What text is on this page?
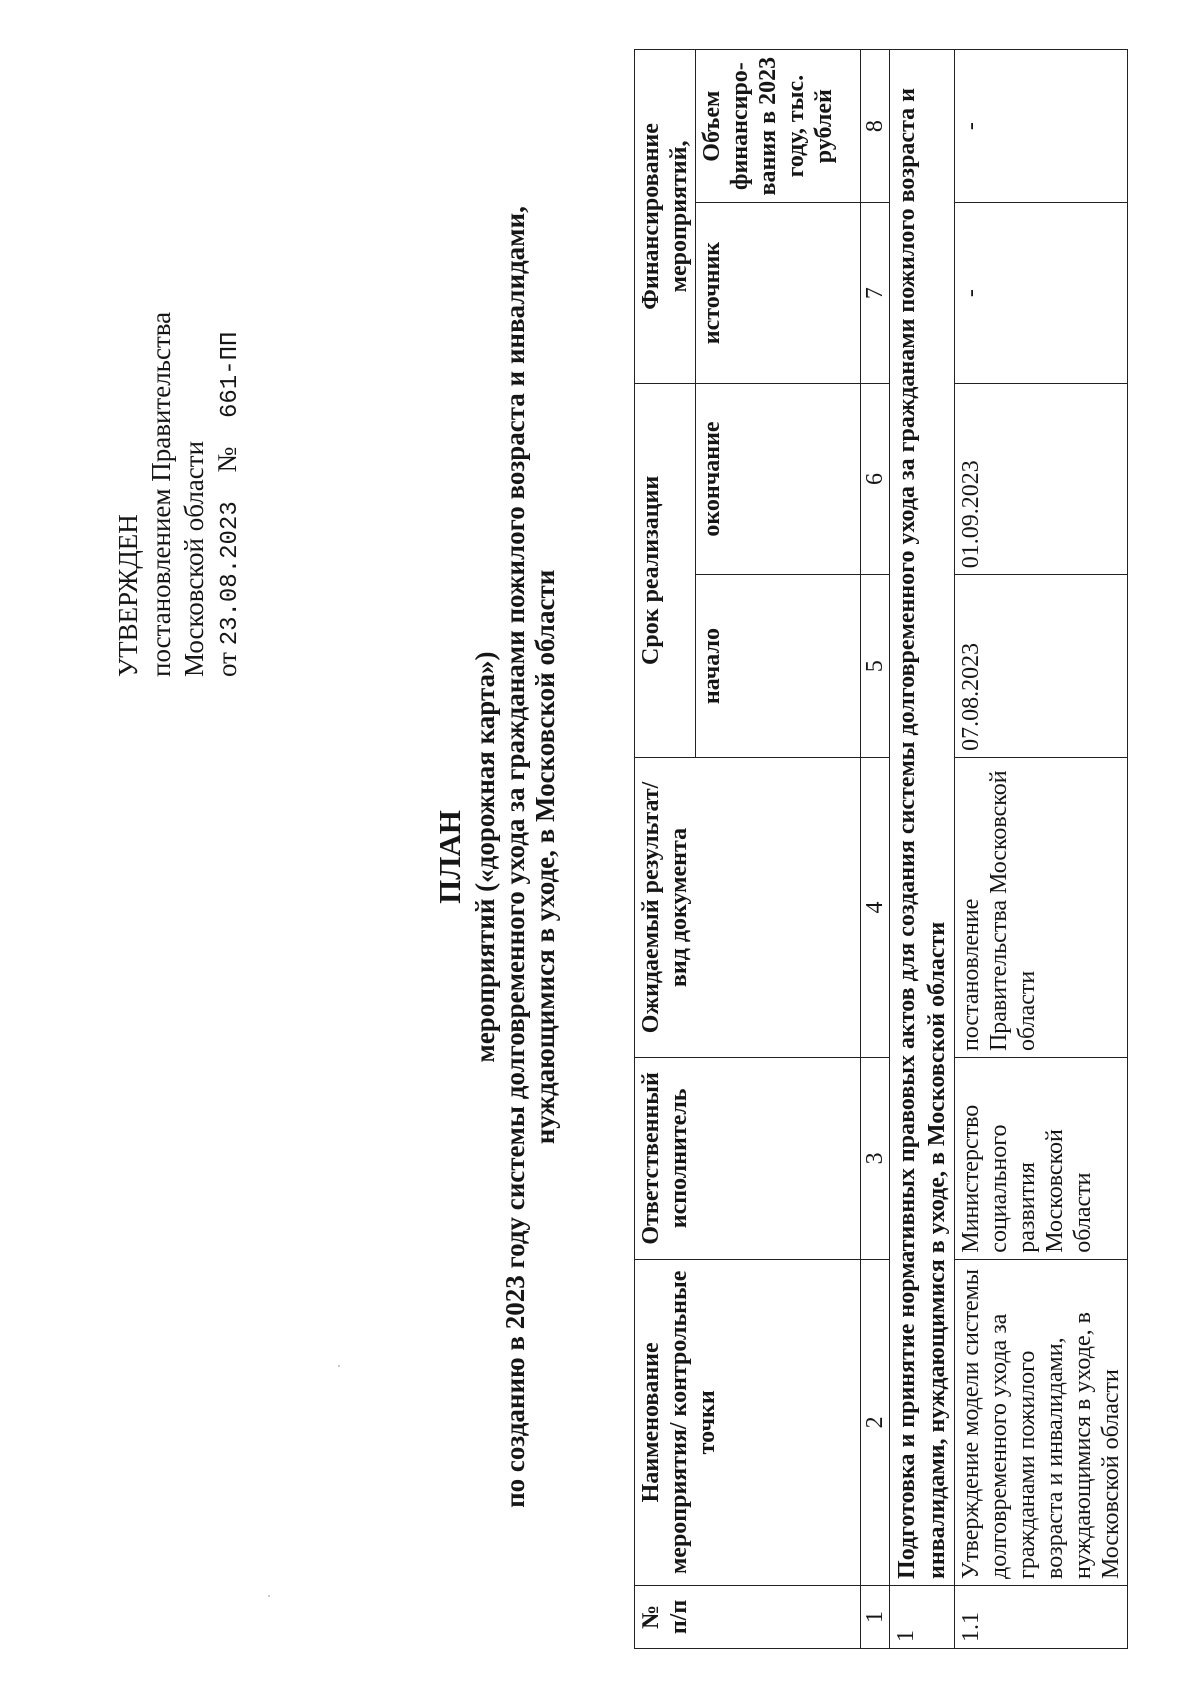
УТВЕРЖДЕН постановлением Правительства Московской области от 23.08.2023 № 661-ПП
ПЛАН мероприятий («дорожная карта») по созданию в 2023 году системы долговременного ухода за гражданами пожилого возраста и инвалидами, нуждающимися в уходе, в Московской области
№ п/п	Наименование мероприятия/ контрольные точки	Ответственный исполнитель	Ожидаемый результат/вид документа	Срок реализации		Финансирование мероприятий,	
				начало	окончание	источник	Объем финансиро-вания в 2023 году, тыс. рублей
1	2	3	4	5	6	7	8
1	Подготовка и принятие нормативных правовых актов для создания системы долговременного ухода за гражданами пожилого возраста и инвалидами, нуждающимися в уходе, в Московской области						
1.1	Утверждение модели системы долговременного ухода за гражданами пожилого возраста и инвалидами, нуждающимися в уходе, в Московской области	Министерство социального развития Московской области	постановление Правительства Московской области	07.08.2023	01.09.2023	-	-
